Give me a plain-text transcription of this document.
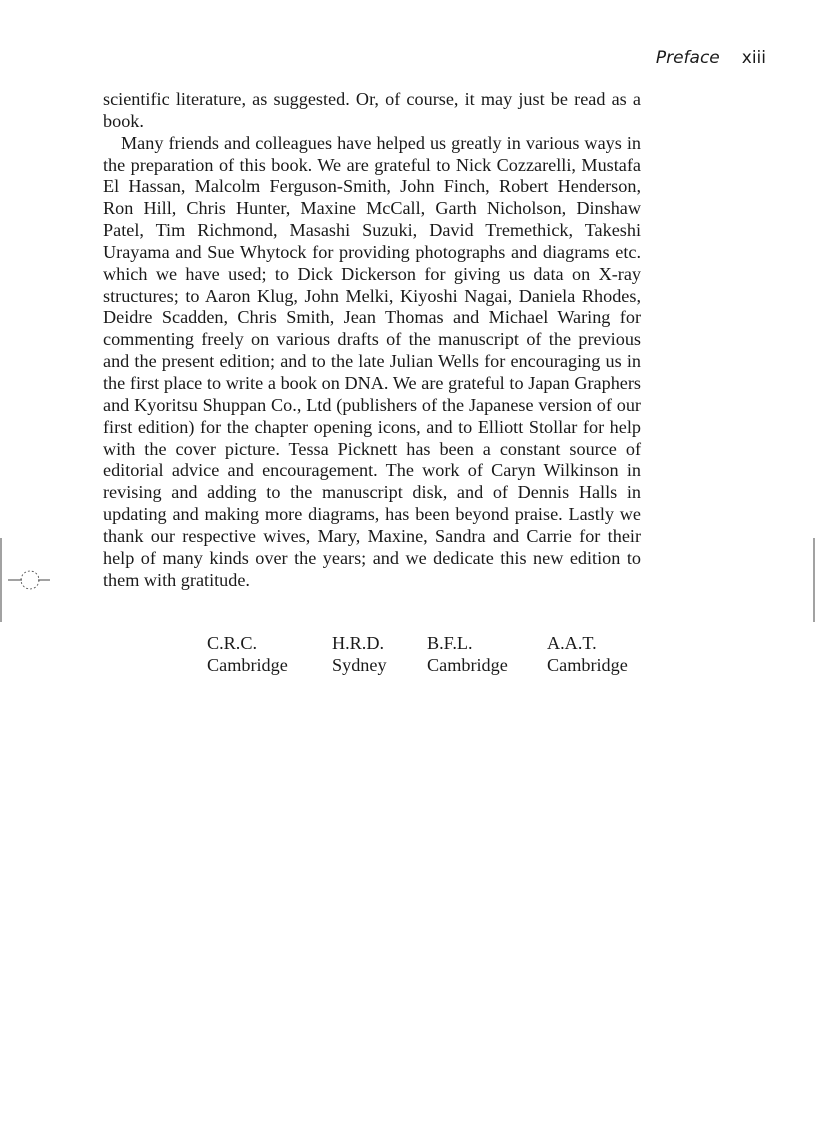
Preface xiii

scientific literature, as suggested. Or, of course, it may just be read as a book.

Many friends and colleagues have helped us greatly in various ways in the preparation of this book. We are grateful to Nick Cozzarelli, Mustafa El Hassan, Malcolm Ferguson-Smith, John Finch, Robert Henderson, Ron Hill, Chris Hunter, Maxine McCall, Garth Nicholson, Dinshaw Patel, Tim Richmond, Masashi Suzuki, David Tremethick, Takeshi Urayama and Sue Whytock for providing photographs and diagrams etc. which we have used; to Dick Dickerson for giving us data on X-ray structures; to Aaron Klug, John Melki, Kiyoshi Nagai, Daniela Rhodes, Deidre Scadden, Chris Smith, Jean Thomas and Michael Waring for commenting freely on various drafts of the manuscript of the previous and the present edition; and to the late Julian Wells for encouraging us in the first place to write a book on DNA. We are grateful to Japan Graphers and Kyoritsu Shuppan Co., Ltd (publishers of the Japanese version of our first edition) for the chapter opening icons, and to Elliott Stollar for help with the cover picture. Tessa Picknett has been a constant source of editorial advice and encouragement. The work of Caryn Wilkinson in revising and adding to the manuscript disk, and of Dennis Halls in updating and making more diagrams, has been beyond praise. Lastly we thank our respective wives, Mary, Maxine, Sandra and Carrie for their help of many kinds over the years; and we dedicate this new edition to them with gratitude.

C.R.C.
Cambridge
H.R.D.
Sydney
B.F.L.
Cambridge
A.A.T.
Cambridge
